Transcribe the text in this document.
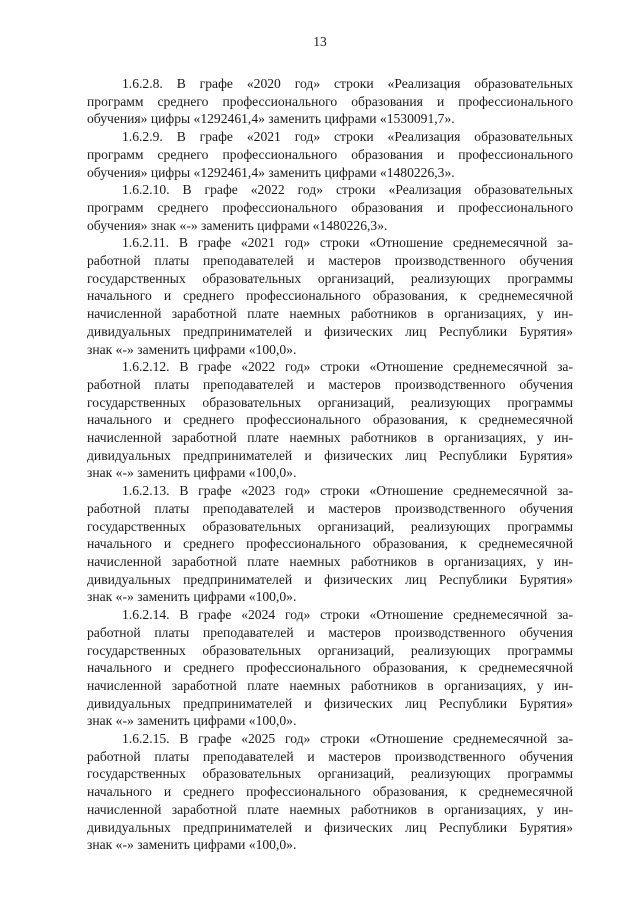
13

1.6.2.8. В графе «2020 год» строки «Реализация образовательных
программ среднего профессионального образования и профессионального
обучения» цифры «1292461,4» заменить цифрами «1530091,7».

1.6.2.9. В графе «2021 год» строки «Реализация образовательных
программ среднего профессионального образования и профессионального
обучения» цифры «1292461,4» заменить цифрами «1480226,3».

1.6.2.10. В графе «2022 год» строки «Реализация образовательных
программ среднего профессионального образования и профессионального
обучения» знак «-» заменить цифрами «1480226,3».

1.6.2.11. В графе «2021 год» строки «Отношение среднемесячной за-
работной платы преподавателей и мастеров производственного обучения
государственных образовательных организаций, реализующих программы
начального и среднего профессионального образования, к среднемесячной
начисленной заработной плате наемных работников в организациях, у ин-
дивидуальных предпринимателей и физических лиц Республики Бурятия»
знак «-» заменить цифрами «100,0».

1.6.2.12. В графе «2022 год» строки «Отношение среднемесячной за-
работной платы преподавателей и мастеров производственного обучения
государственных образовательных организаций, реализующих программы
начального и среднего профессионального образования, к среднемесячной
начисленной заработной плате наемных работников в организациях, у ин-
дивидуальных предпринимателей и физических лиц Республики Бурятия»
знак «-» заменить цифрами «100,0».

1.6.2.13. В графе «2023 год» строки «Отношение среднемесячной за-
работной платы преподавателей и мастеров производственного обучения
государственных образовательных организаций, реализующих программы
начального и среднего профессионального образования, к среднемесячной
начисленной заработной плате наемных работников в организациях, у ин-
дивидуальных предпринимателей и физических лиц Республики Бурятия»
знак «-» заменить цифрами «100,0».

1.6.2.14. В графе «2024 год» строки «Отношение среднемесячной за-
работной платы преподавателей и мастеров производственного обучения
государственных образовательных организаций, реализующих программы
начального и среднего профессионального образования, к среднемесячной
начисленной заработной плате наемных работников в организациях, у ин-
дивидуальных предпринимателей и физических лиц Республики Бурятия»
знак «-» заменить цифрами «100,0».

1.6.2.15. В графе «2025 год» строки «Отношение среднемесячной за-
работной платы преподавателей и мастеров производственного обучения
государственных образовательных организаций, реализующих программы
начального и среднего профессионального образования, к среднемесячной
начисленной заработной плате наемных работников в организациях, у ин-
дивидуальных предпринимателей и физических лиц Республики Бурятия»
знак «-» заменить цифрами «100,0».
